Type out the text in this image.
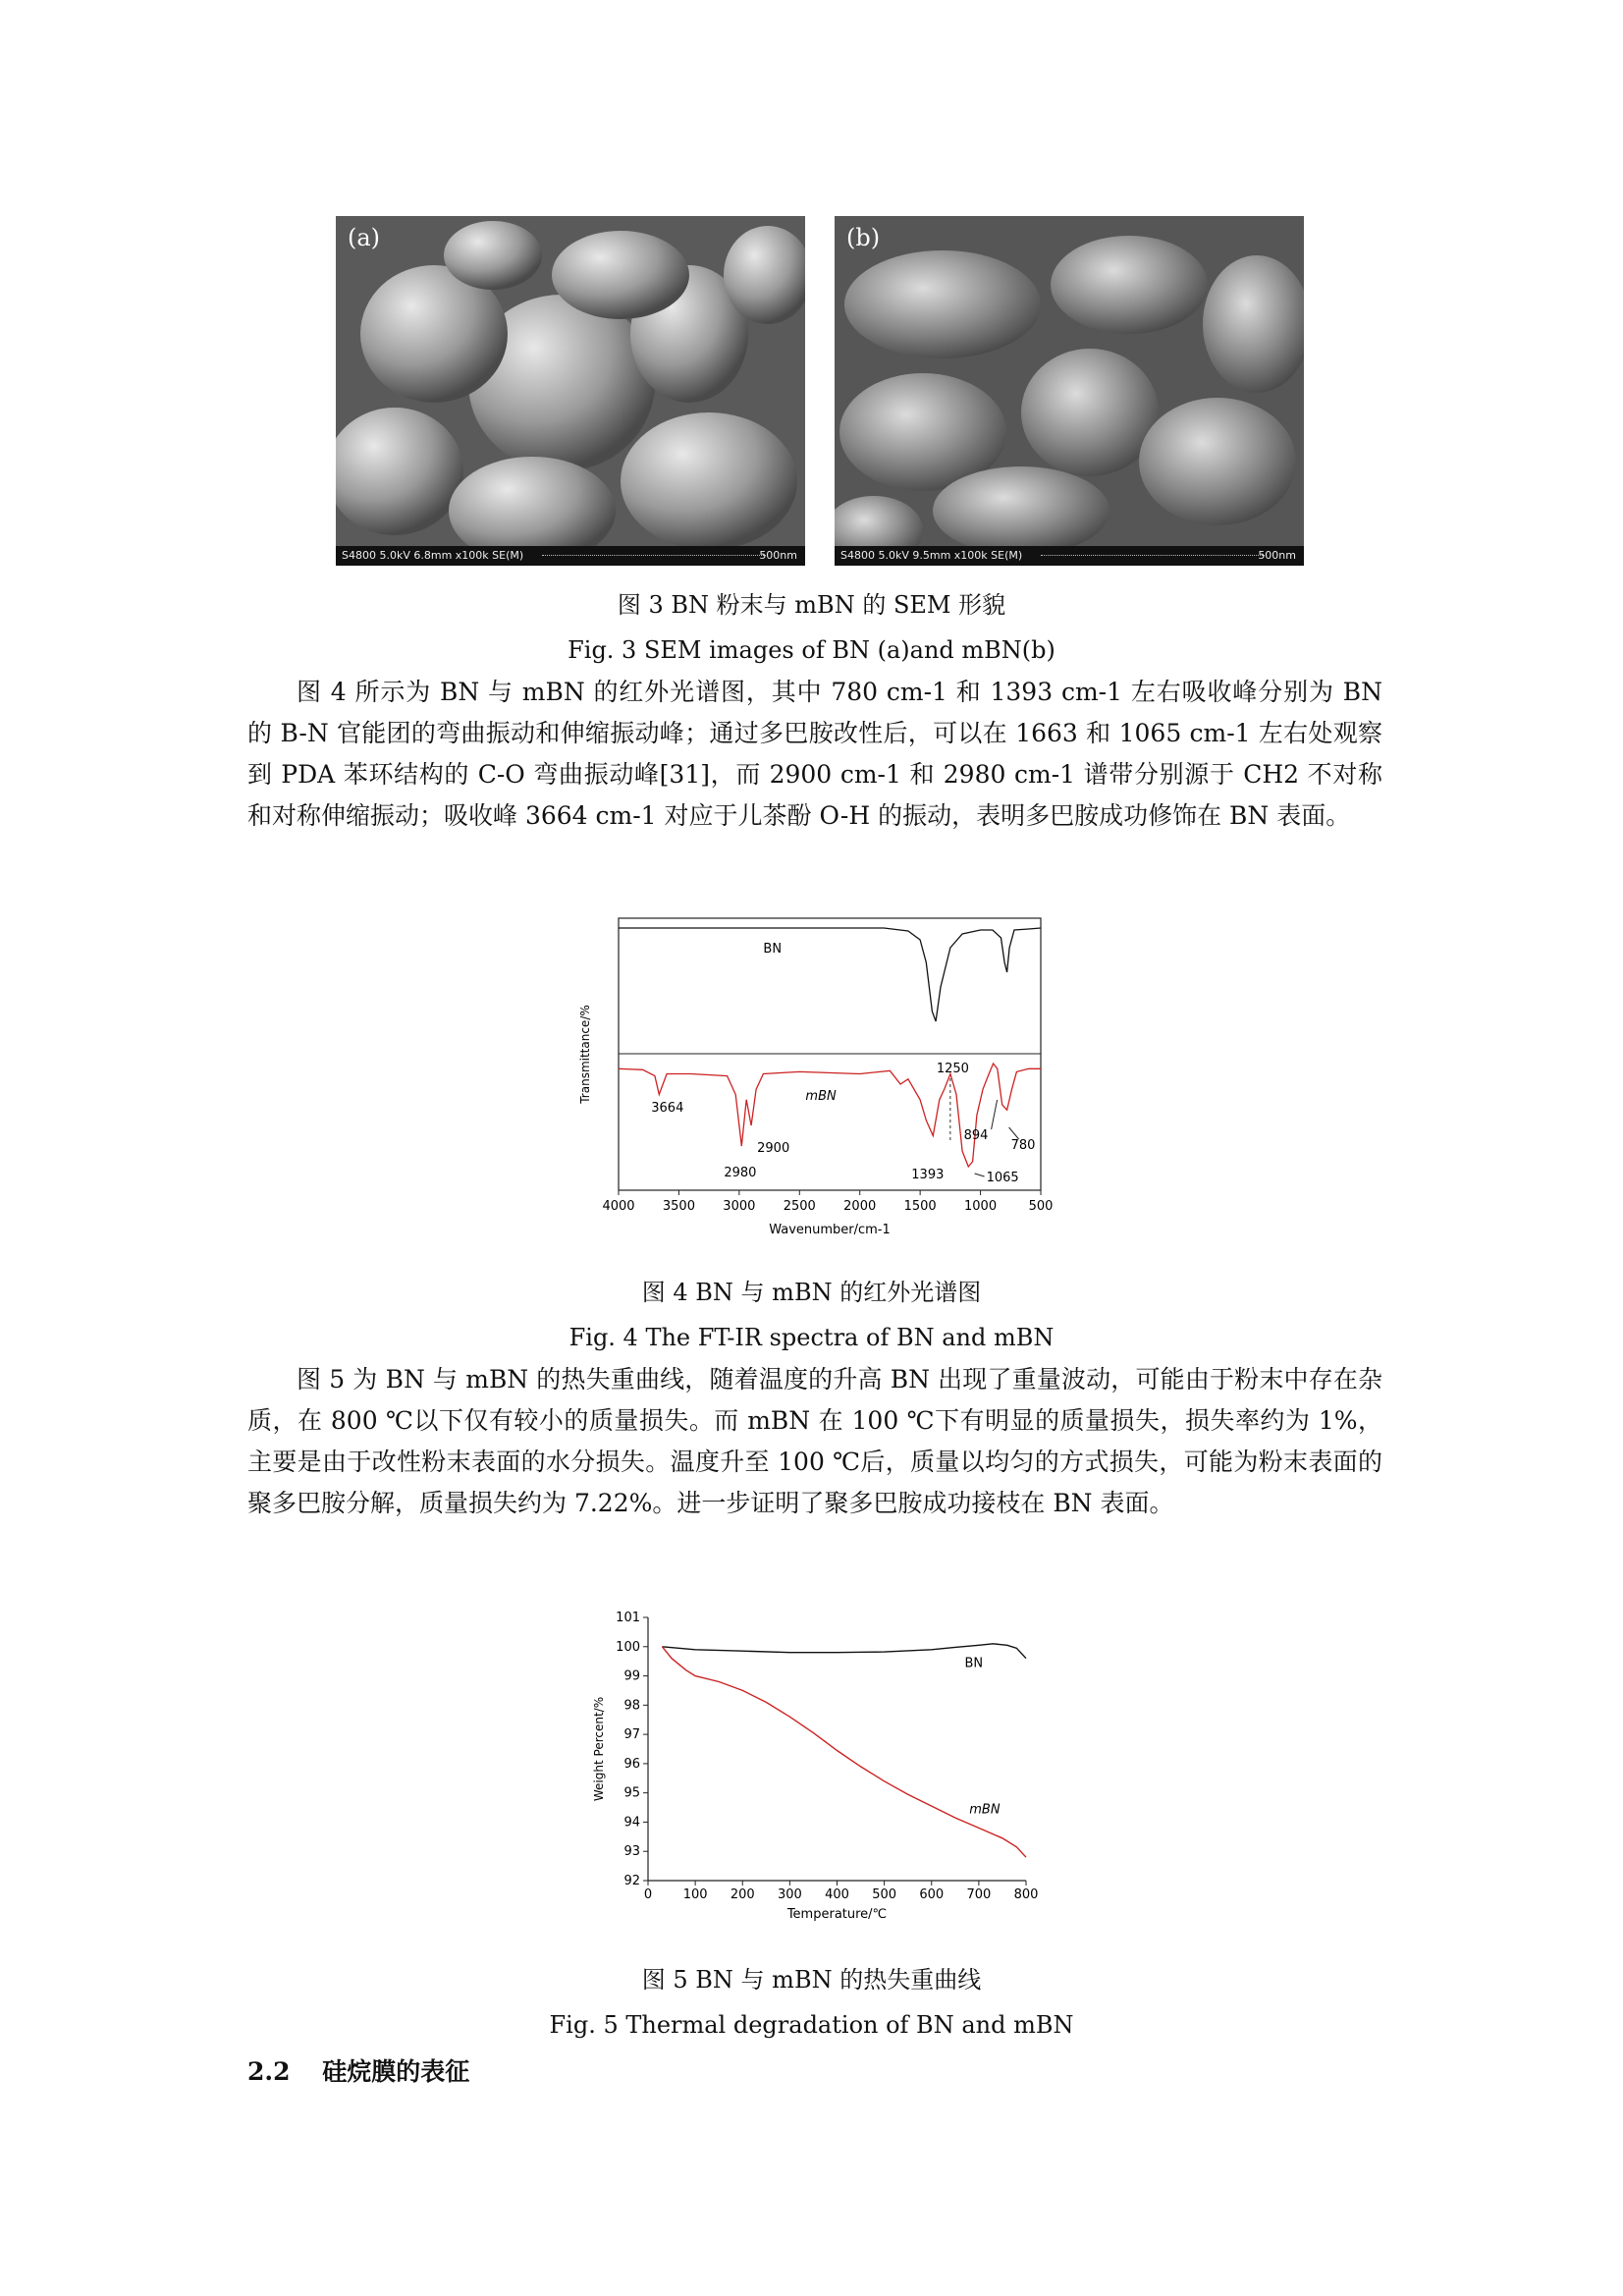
(a)
S4800 5.0kV 6.8mm x100k SE(M)	500nm
(b)
S4800 5.0kV 9.5mm x100k SE(M)	500nm
图 3 BN 粉末与 mBN 的 SEM 形貌
Fig. 3 SEM images of BN (a)and mBN(b)

图 4 所示为 BN 与 mBN 的红外光谱图，其中 780 cm-1 和 1393 cm-1 左右吸收峰分别为 BN 的 B-N 官能团的弯曲振动和伸缩振动峰；通过多巴胺改性后，可以在 1663 和 1065 cm-1 左右处观察到 PDA 苯环结构的 C-O 弯曲振动峰[31]，而 2900 cm-1 和 2980 cm-1 谱带分别源于 CH2 不对称和对称伸缩振动；吸收峰 3664 cm-1 对应于儿茶酚 O-H 的振动，表明多巴胺成功修饰在 BN 表面。

4000 3500 3000 2500 2000 1500 1000 500
Wavenumber/cm-1
Transmittance/%
BN
mBN
3664
2980
2900
1393
1250
1065
894
780
图 4 BN 与 mBN 的红外光谱图
Fig. 4 The FT-IR spectra of BN and mBN

图 5 为 BN 与 mBN 的热失重曲线，随着温度的升高 BN 出现了重量波动，可能由于粉末中存在杂质，在 800 ℃以下仅有较小的质量损失。而 mBN 在 100 ℃下有明显的质量损失，损失率约为 1%，主要是由于改性粉末表面的水分损失。温度升至 100 ℃后，质量以均匀的方式损失，可能为粉末表面的聚多巴胺分解，质量损失约为 7.22%。进一步证明了聚多巴胺成功接枝在 BN 表面。

92
93
94
95
96
97
98
99
100
101
0 100 200 300 400 500 600 700 800
Temperature/℃
Weight Percent/%
BN
mBN
图 5 BN 与 mBN 的热失重曲线
Fig. 5 Thermal degradation of BN and mBN
2.2 硅烷膜的表征
